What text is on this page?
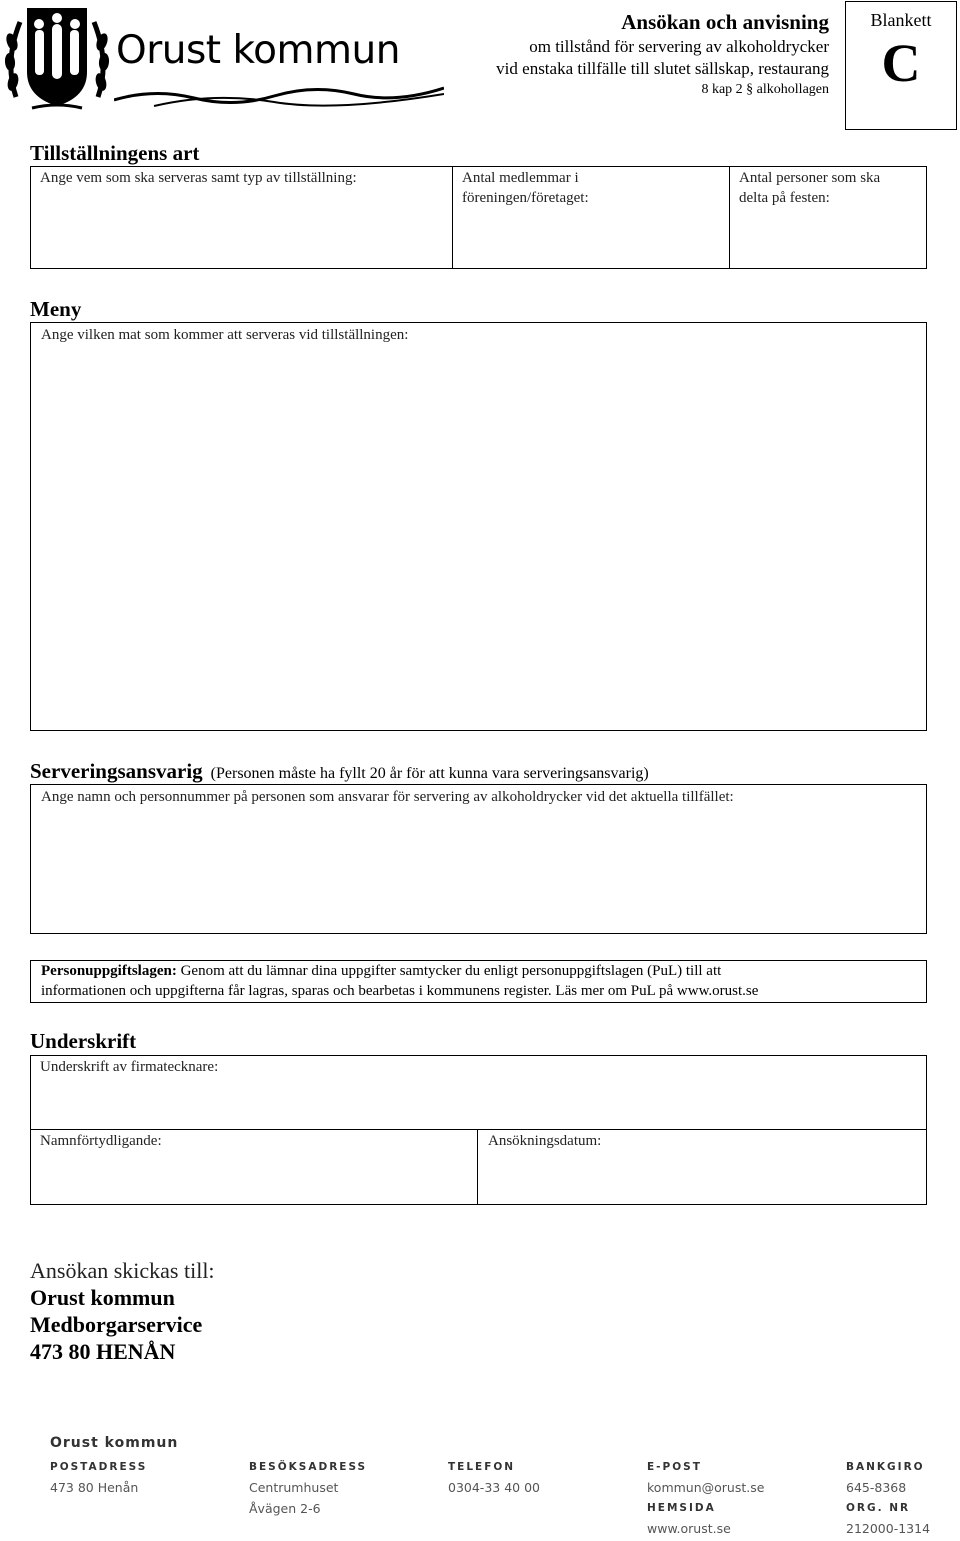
Orust kommun
Ansökan och anvisning
om tillstånd för servering av alkoholdrycker
vid enstaka tillfälle till slutet sällskap, restaurang
8 kap 2 § alkohollagen
Blankett
C
Tillställningens art
Ange vem som ska serveras samt typ av tillställning:	Antal medlemmar i
föreningen/företaget:
Antal personer som ska
delta på festen:
Meny
Ange vilken mat som kommer att serveras vid tillställningen:
Serveringsansvarig (Personen måste ha fyllt 20 år för att kunna vara serveringsansvarig)
Ange namn och personnummer på personen som ansvarar för servering av alkoholdrycker vid det aktuella tillfället:
Personuppgiftslagen: Genom att du lämnar dina uppgifter samtycker du enligt personuppgiftslagen (PuL) till att
informationen och uppgifterna får lagras, sparas och bearbetas i kommunens register. Läs mer om PuL på www.orust.se
Underskrift
Underskrift av firmatecknare:
Namnförtydligande:	Ansökningsdatum:
Ansökan skickas till:
Orust kommun
Medborgarservice
473 80 HENÅN
Orust kommun
POSTADRESS
473 80 Henån
BESÖKSADRESS
Centrumhuset
Åvägen 2-6
TELEFON
0304-33 40 00
E-POST
kommun@orust.se
HEMSIDA
www.orust.se
BANKGIRO
645-8368
ORG. NR
212000-1314
